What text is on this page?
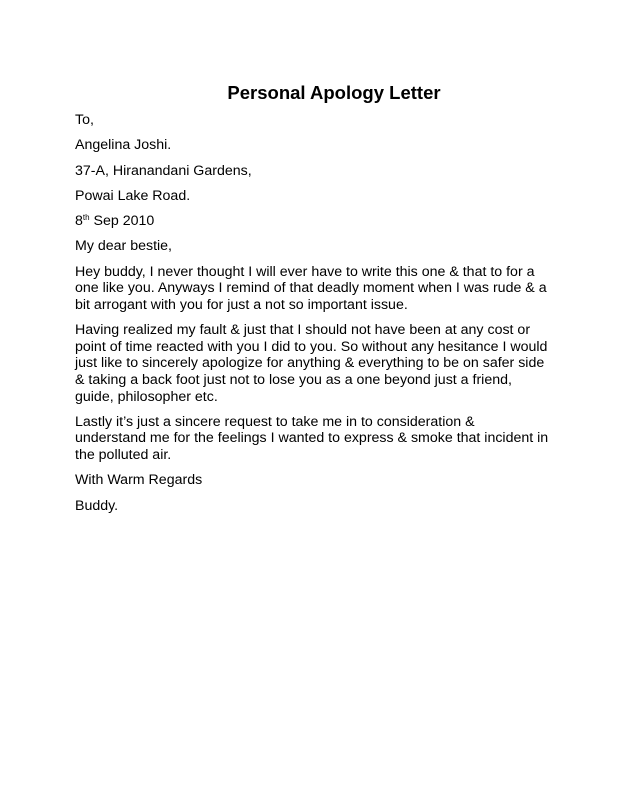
Personal Apology Letter
To,
Angelina Joshi.
37-A, Hiranandani Gardens,
Powai Lake Road.
8th Sep 2010
My dear bestie,
Hey buddy, I never thought I will ever have to write this one & that to for a
one like you. Anyways I remind of that deadly moment when I was rude & a
bit arrogant with you for just a not so important issue.
Having realized my fault & just that I should not have been at any cost or
point of time reacted with you I did to you. So without any hesitance I would
just like to sincerely apologize for anything & everything to be on safer side
& taking a back foot just not to lose you as a one beyond just a friend,
guide, philosopher etc.
Lastly it’s just a sincere request to take me in to consideration &
understand me for the feelings I wanted to express & smoke that incident in
the polluted air.
With Warm Regards
Buddy.
